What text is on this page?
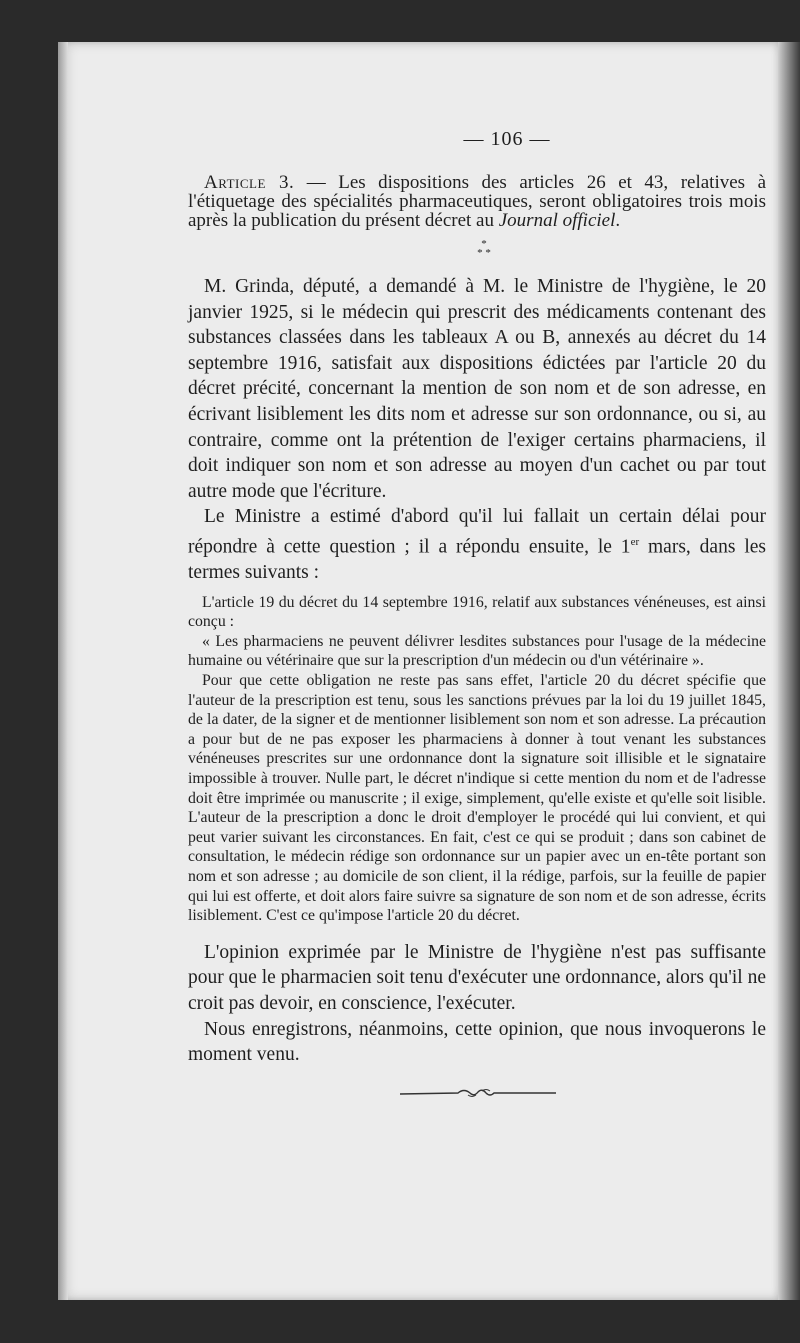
— 106 —

Article 3. — Les dispositions des articles 26 et 43, relatives à l'étiquetage des spécialités pharmaceutiques, seront obligatoires trois mois après la publication du présent décret au Journal officiel.

*
* *

M. Grinda, député, a demandé à M. le Ministre de l'hygiène, le 20 janvier 1925, si le médecin qui prescrit des médicaments contenant des substances classées dans les tableaux A ou B, annexés au décret du 14 septembre 1916, satisfait aux dispositions édictées par l'article 20 du décret précité, concernant la mention de son nom et de son adresse, en écrivant lisiblement les dits nom et adresse sur son ordonnance, ou si, au contraire, comme ont la prétention de l'exiger certains pharmaciens, il doit indiquer son nom et son adresse au moyen d'un cachet ou par tout autre mode que l'écriture.

Le Ministre a estimé d'abord qu'il lui fallait un certain délai pour répondre à cette question ; il a répondu ensuite, le 1er mars, dans les termes suivants :

L'article 19 du décret du 14 septembre 1916, relatif aux substances vénéneuses, est ainsi conçu :

« Les pharmaciens ne peuvent délivrer lesdites substances pour l'usage de la médecine humaine ou vétérinaire que sur la prescription d'un médecin ou d'un vétérinaire ».

Pour que cette obligation ne reste pas sans effet, l'article 20 du décret spécifie que l'auteur de la prescription est tenu, sous les sanctions prévues par la loi du 19 juillet 1845, de la dater, de la signer et de mentionner lisiblement son nom et son adresse. La précaution a pour but de ne pas exposer les pharmaciens à donner à tout venant les substances vénéneuses prescrites sur une ordonnance dont la signature soit illisible et le signataire impossible à trouver. Nulle part, le décret n'indique si cette mention du nom et de l'adresse doit être imprimée ou manuscrite ; il exige, simplement, qu'elle existe et qu'elle soit lisible. L'auteur de la prescription a donc le droit d'employer le procédé qui lui convient, et qui peut varier suivant les circonstances. En fait, c'est ce qui se produit ; dans son cabinet de consultation, le médecin rédige son ordonnance sur un papier avec un en-tête portant son nom et son adresse ; au domicile de son client, il la rédige, parfois, sur la feuille de papier qui lui est offerte, et doit alors faire suivre sa signature de son nom et de son adresse, écrits lisiblement. C'est ce qu'impose l'article 20 du décret.

L'opinion exprimée par le Ministre de l'hygiène n'est pas suffisante pour que le pharmacien soit tenu d'exécuter une ordonnance, alors qu'il ne croit pas devoir, en conscience, l'exécuter.

Nous enregistrons, néanmoins, cette opinion, que nous invoquerons le moment venu.
